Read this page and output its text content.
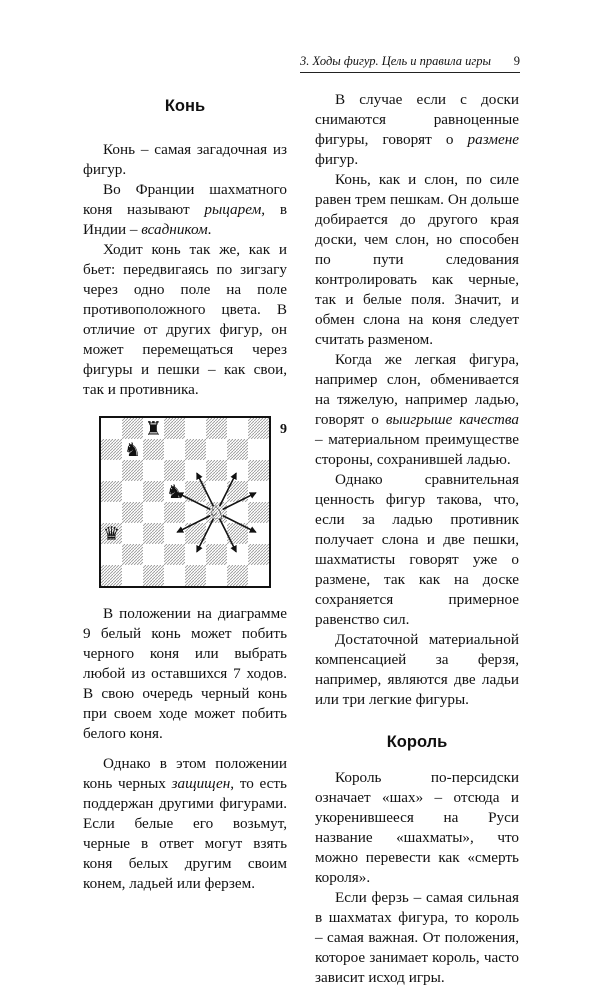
3. Ходы фигур. Цель и правила игры 9
Конь

Конь – самая загадочная из фигур.

Во Франции шахматного коня называют рыцарем, в Индии – всадником.

Ходит конь так же, как и бьет: передвигаясь по зигзагу через одно поле на поле противоположного цвета. В отличие от других фигур, он может перемещаться через фигуры и пешки – как свои, так и противника.

♜
♞
♞
♘
♛
9

В положении на диаграмме 9 белый конь может побить черного коня или выбрать любой из оставшихся 7 ходов. В свою очередь черный конь при своем ходе может побить белого коня.

Однако в этом положении конь черных защищен, то есть поддержан другими фигурами. Если белые его возьмут, черные в ответ могут взять коня белых другим своим конем, ладьей или ферзем.

В случае если с доски снимаются равноценные фигуры, говорят о размене фигур.

Конь, как и слон, по силе равен трем пешкам. Он дольше добирается до другого края доски, чем слон, но способен по пути следования контролировать как черные, так и белые поля. Значит, и обмен слона на коня следует считать разменом.

Когда же легкая фигура, например слон, обменивается на тяжелую, например ладью, говорят о выигрыше качества – материальном преимуществе стороны, сохранившей ладью.

Однако сравнительная ценность фигур такова, что, если за ладью противник получает слона и две пешки, шахматисты говорят уже о размене, так как на доске сохраняется примерное равенство сил.

Достаточной материальной компенсацией за ферзя, например, являются две ладьи или три легкие фигуры.

Король

Король по-персидски означает «шах» – отсюда и укоренившееся на Руси название «шахматы», что можно перевести как «смерть короля».

Если ферзь – самая сильная в шахматах фигура, то король – самая важная. От положения, которое занимает король, часто зависит исход игры.
